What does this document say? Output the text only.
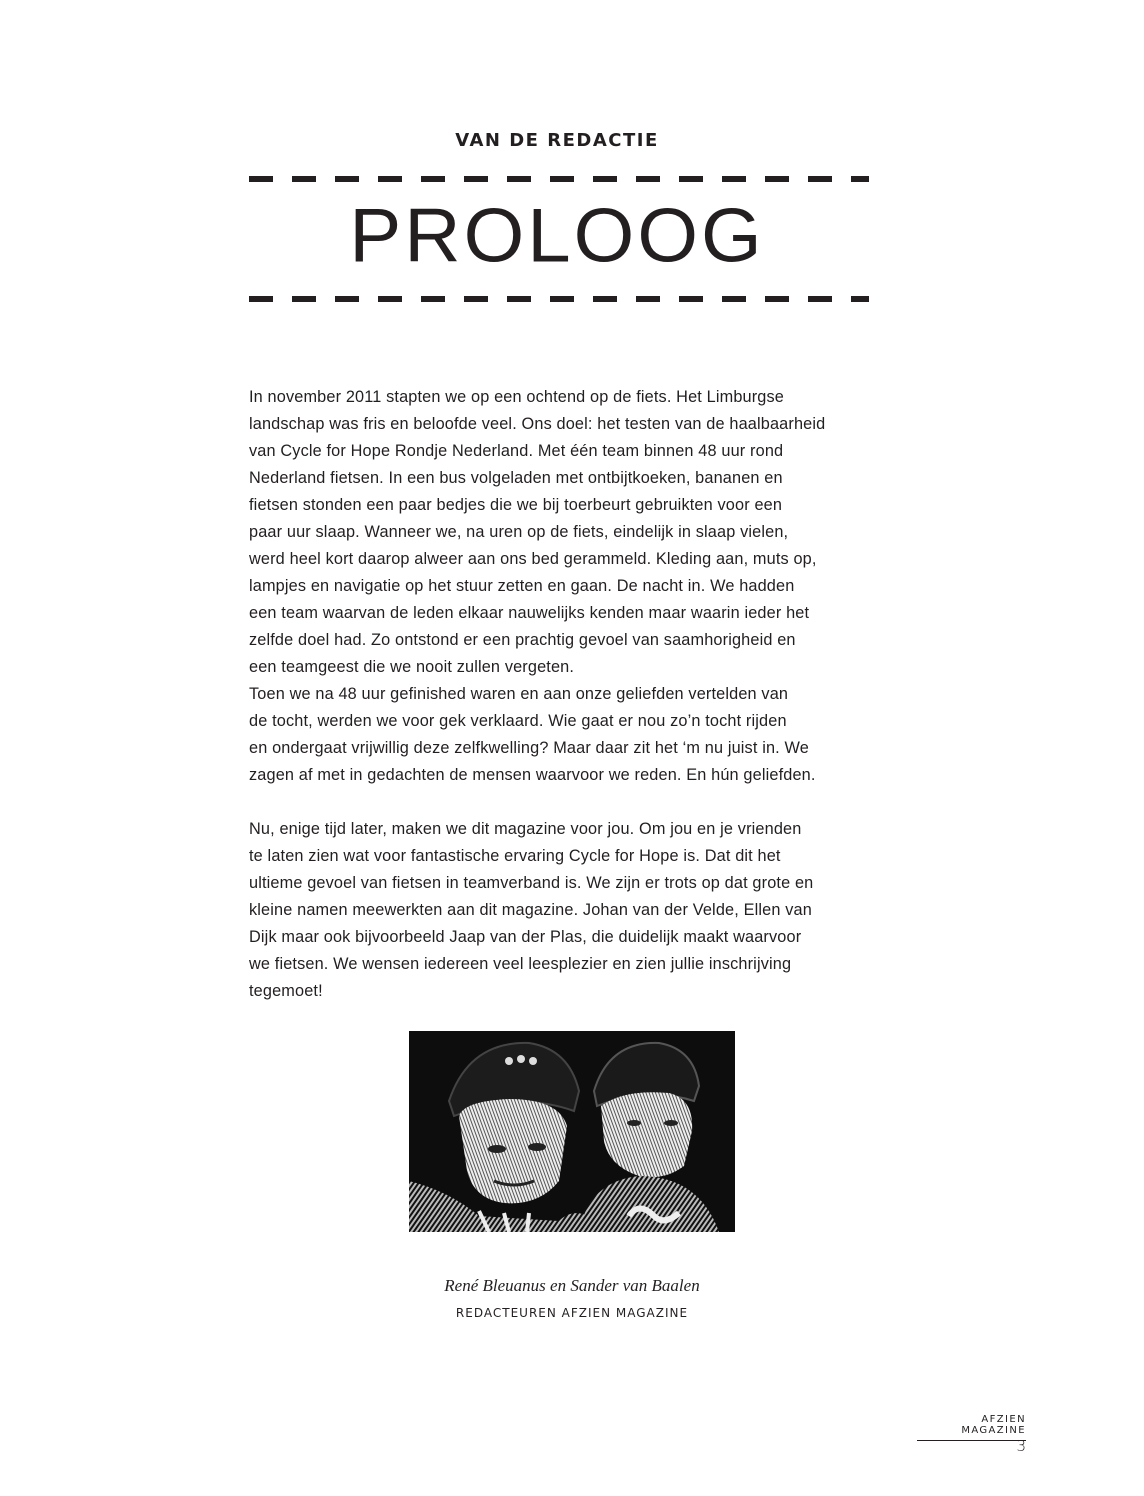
VAN DE REDACTIE
PROLOOG

In november 2011 stapten we op een ochtend op de fiets. Het Limburgse
landschap was fris en beloofde veel. Ons doel: het testen van de haalbaarheid
van Cycle for Hope Rondje Nederland. Met één team binnen 48 uur rond
Nederland fietsen. In een bus volgeladen met ontbijtkoeken, bananen en
fietsen stonden een paar bedjes die we bij toerbeurt gebruikten voor een
paar uur slaap. Wanneer we, na uren op de fiets, eindelijk in slaap vielen,
werd heel kort daarop alweer aan ons bed gerammeld. Kleding aan, muts op,
lampjes en navigatie op het stuur zetten en gaan. De nacht in. We hadden
een team waarvan de leden elkaar nauwelijks kenden maar waarin ieder het
zelfde doel had. Zo ontstond er een prachtig gevoel van saamhorigheid en
een teamgeest die we nooit zullen vergeten.
Toen we na 48 uur gefinished waren en aan onze geliefden vertelden van
de tocht, werden we voor gek verklaard. Wie gaat er nou zo’n tocht rijden
en ondergaat vrijwillig deze zelfkwelling? Maar daar zit het ‘m nu juist in. We
zagen af met in gedachten de mensen waarvoor we reden. En hún geliefden.

Nu, enige tijd later, maken we dit magazine voor jou. Om jou en je vrienden
te laten zien wat voor fantastische ervaring Cycle for Hope is. Dat dit het
ultieme gevoel van fietsen in teamverband is. We zijn er trots op dat grote en
kleine namen meewerkten aan dit magazine. Johan van der Velde, Ellen van
Dijk maar ook bijvoorbeeld Jaap van der Plas, die duidelijk maakt waarvoor
we fietsen. We wensen iedereen veel leesplezier en zien jullie inschrijving
tegemoet!

René Bleuanus en Sander van Baalen
REDACTEUREN AFZIEN MAGAZINE
AFZIEN MAGAZINE
3
